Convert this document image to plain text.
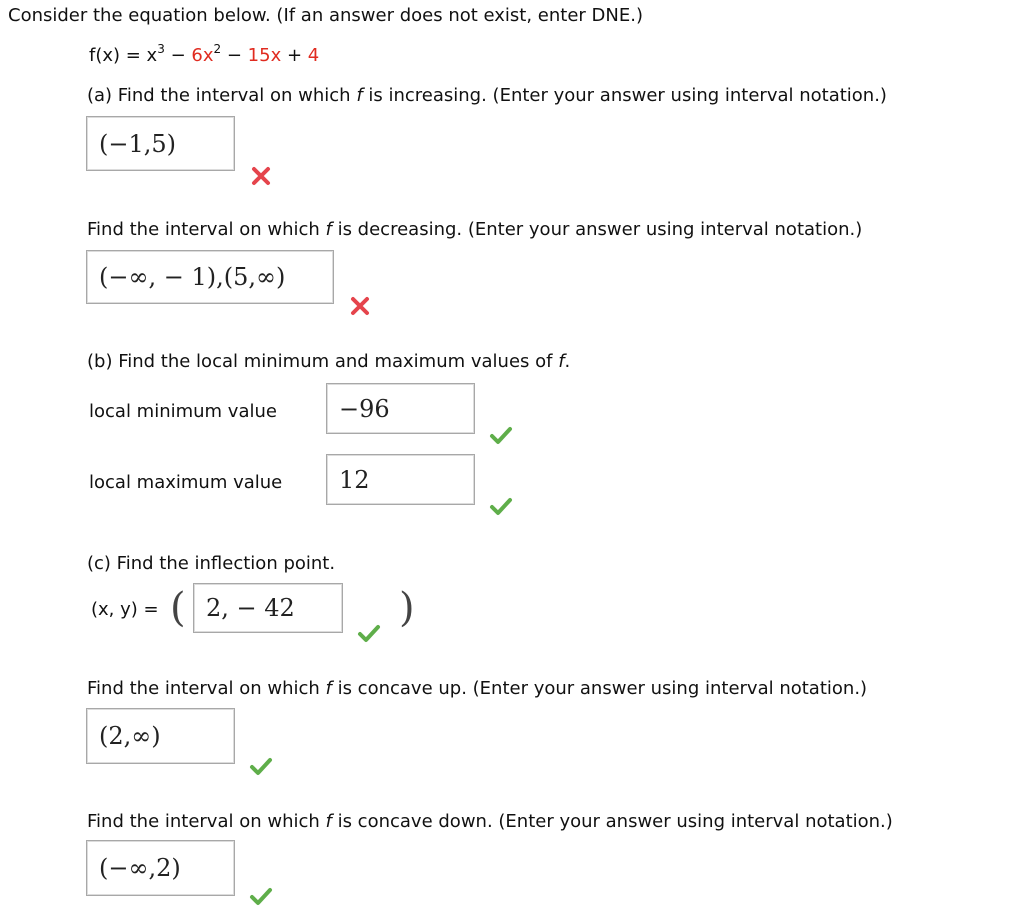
Consider the equation below. (If an answer does not exist, enter DNE.)
$f(x) = x^3 - 6x^2 - 15x + 4$
(a) Find the interval on which f is increasing. (Enter your answer using interval notation.)
(−1,5)
Find the interval on which f is decreasing. (Enter your answer using interval notation.)
(−∞, − 1),(5,∞)
(b) Find the local minimum and maximum values of f.
local minimum value	−96
local maximum value 12
(c) Find the inflection point.
(x, y) = ( 2, − 42	)
Find the interval on which f is concave up. (Enter your answer using interval notation.)
(2,∞)
Find the interval on which f is concave down. (Enter your answer using interval notation.)
(−∞,2)
